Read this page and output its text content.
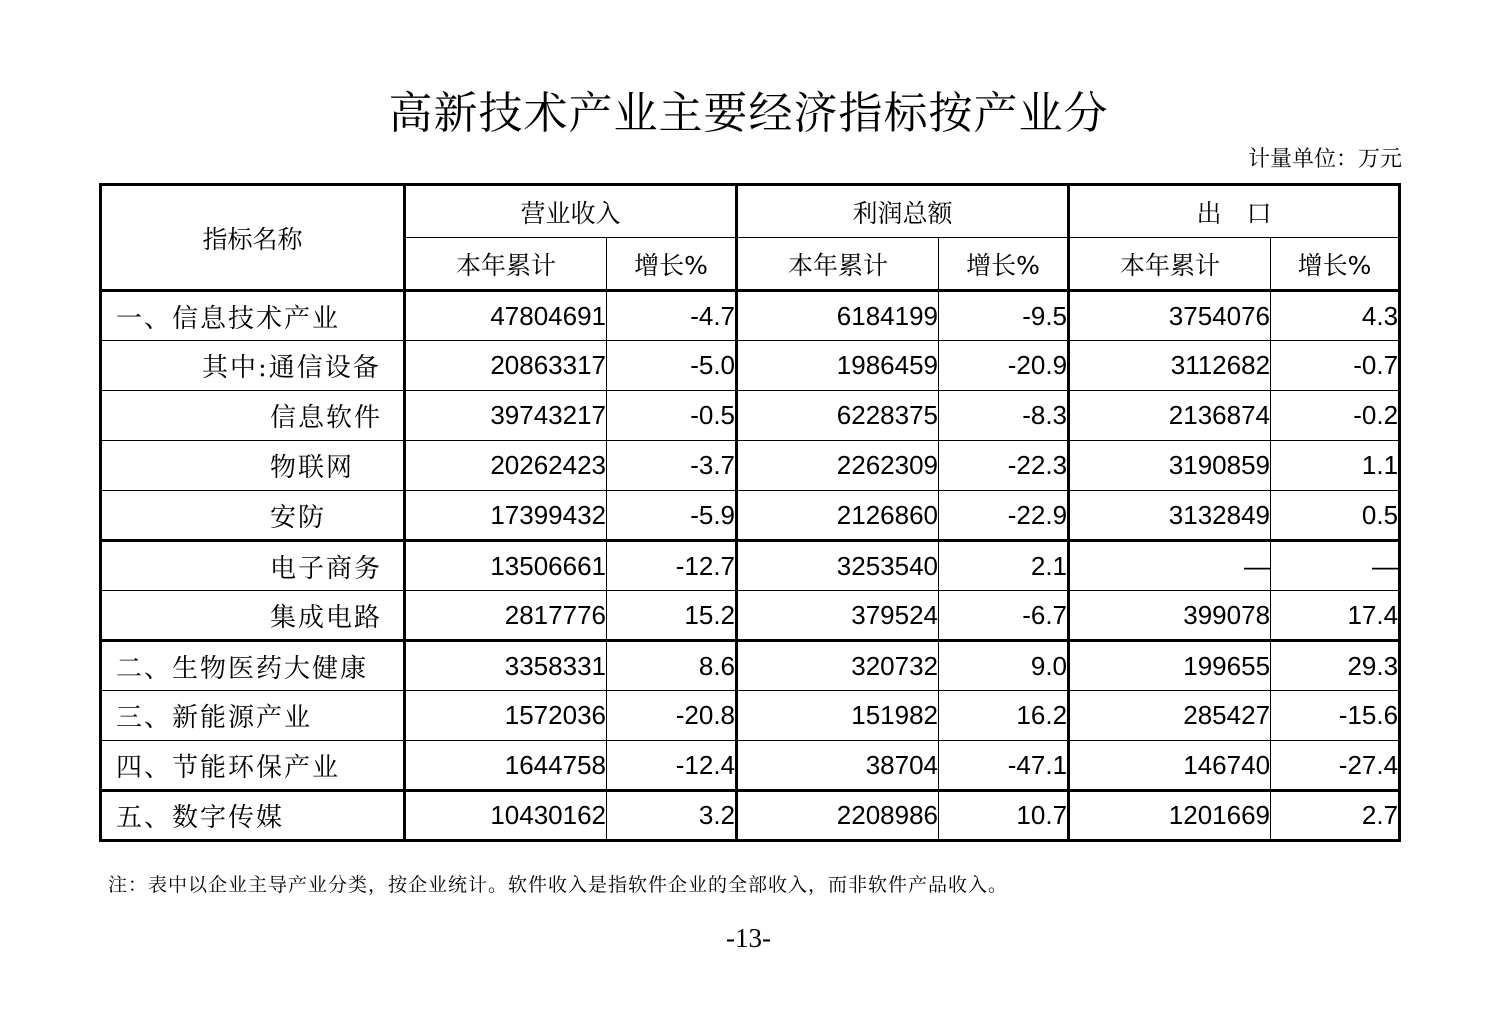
高新技术产业主要经济指标按产业分
计量单位：万元
指标名称	营业收入		利润总额		出　口	
	本年累计	增长%	本年累计	增长%	本年累计	增长%
一、信息技术产业	47804691	-4.7	6184199	-9.5	3754076	4.3
其中:通信设备	20863317	-5.0	1986459	-20.9	3112682	-0.7
信息软件	39743217	-0.5	6228375	-8.3	2136874	-0.2
物联网	20262423	-3.7	2262309	-22.3	3190859	1.1
安防	17399432	-5.9	2126860	-22.9	3132849	0.5
电子商务	13506661	-12.7	3253540	2.1	—	—
集成电路	2817776	15.2	379524	-6.7	399078	17.4
二、生物医药大健康	3358331	8.6	320732	9.0	199655	29.3
三、新能源产业	1572036	-20.8	151982	16.2	285427	-15.6
四、节能环保产业	1644758	-12.4	38704	-47.1	146740	-27.4
五、数字传媒	10430162	3.2	2208986	10.7	1201669	2.7
注：表中以企业主导产业分类，按企业统计。软件收入是指软件企业的全部收入，而非软件产品收入。
-13-
